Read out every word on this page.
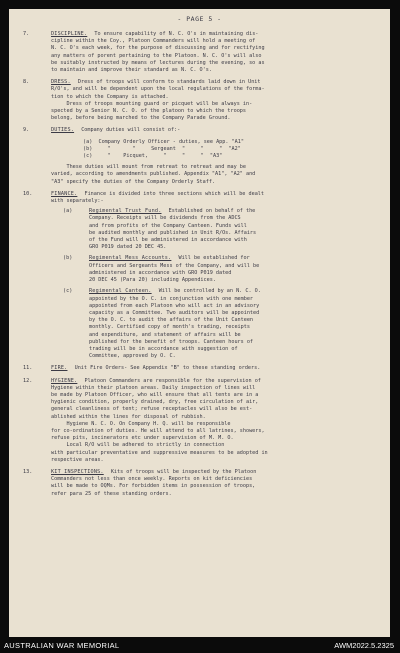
- PAGE 5 -
7.	DISCIPLINE. To ensure capability of N. C. O's in maintaining dis-
cipline within the Coy., Platoon Commanders will hold a meeting of
N. C. O's each week, for the purpose of discussing and for rectifying
any matters of porent pertaining to the Platoon. N. C. O's will also
be suitably instructed by means of lectures during the evening, so as
to maintain and improve their standard as N. C. O's.
8.	DRESS. Dress of troops will conform to standards laid down in Unit
R/O's, and will be dependent upon the local regulations of the forma-
tion to which the Company is attached.
Dress of troops mounting guard or picquet will be always in-
spected by a Senior N. C. O. of the platoon to which the troops
belong, before being marched to the Company Parade Ground.
9.	DUTIES. Company duties will consist of:-
(a)  Company Orderly Officer - duties, see App. "A1"
(b)     "       "     Sergeant  "     "     "  "A2"
(c)     "    Picquet,     "     "     "  "A3"
These duties will mount from retreat to retreat and may be
varied, according to amendments published. Appendix "A1", "A2" and
"A3" specify the duties of the Company Orderly Staff.
10.	FINANCE. Finance is divided into three sections which will be dealt
with separately:-
(a)	Regimental Trust Fund. Established on behalf of the
Company. Receipts will be dividends from the ADCS
and from profits of the Company Canteen. Funds will
be audited monthly and published in Unit R/Os. Affairs
of the Fund will be administered in accordance with
GRO P019 dated 20 DEC 45.
(b)	Regimental Mess Accounts. Will be established for
Officers and Sergeants Mess of the Company, and will be
administered in accordance with GRO P019 dated
20 DEC 45 (Para 20) including Appendices.
(c)	Regimental Canteen. Will be controlled by an N. C. O.
appointed by the O. C. in conjunction with one member
appointed from each Platoon who will act in an advisory
capacity as a Committee. Two auditors will be appointed
by the O. C. to audit the affairs of the Unit Canteen
monthly. Certified copy of month's trading, receipts
and expenditure, and statement of affairs will be
published for the benefit of troops. Canteen hours of
trading will be in accordance with suggestion of
Committee, approved by O. C.
11.	FIRE. Unit Fire Orders- See Appendix "B" to these standing orders.
12.	HYGIENE. Platoon Commanders are responsible for the supervision of
Hygiene within their platoon areas. Daily inspection of lines will
be made by Platoon Officer, who will ensure that all tents are in a
hygienic condition, properly drained, dry, free circulation of air,
general cleanliness of tent; refuse receptacles will also be est-
ablished within the lines for disposal of rubbish.
Hygiene N. C. O. On Company H. Q. will be responsible
for co-ordination of duties. He will attend to all latrines, showers,
refuse pits, incinerators etc under supervision of M. M. O.
Local R/O will be adhered to strictly in connection
with particular preventative and suppressive measures to be adopted in
respective areas.
13.	KIT INSPECTIONS. Kits of troops will be inspected by the Platoon
Commanders not less than once weekly. Reports on kit deficiencies
will be made to OQMs. For forbidden items in possession of troops,
refer para 25 of these standing orders.
AUSTRALIAN WAR MEMORIAL	AWM2022.5.2325
